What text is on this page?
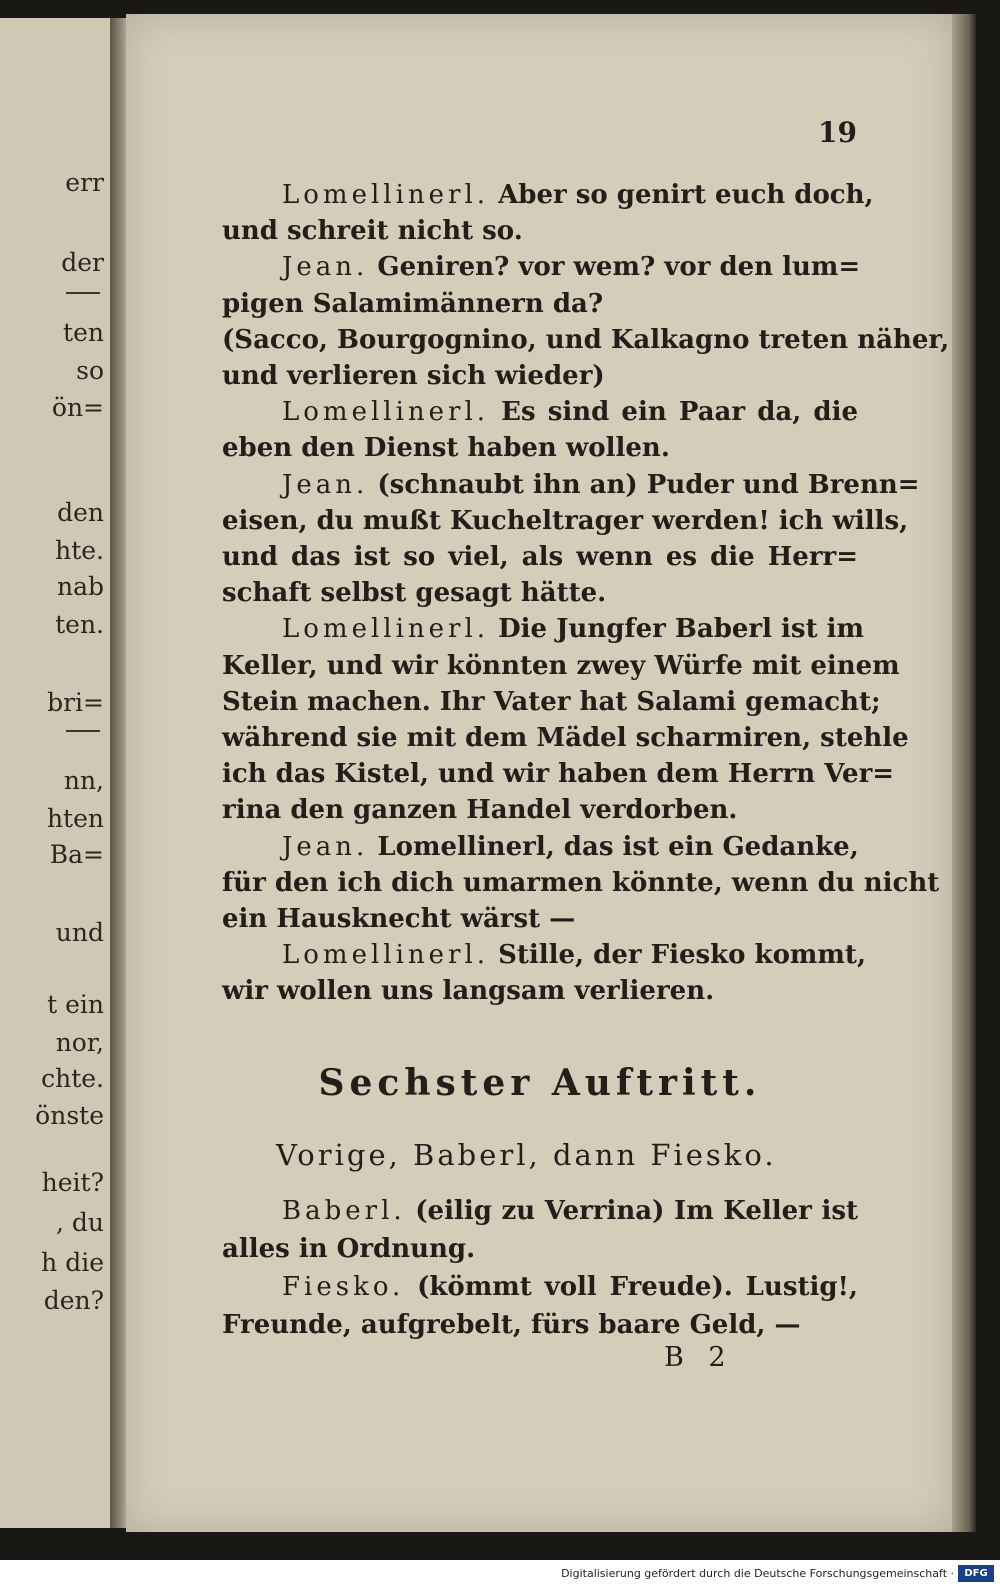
err
der
ten
so
ön=
den
hte.
nab
ten.
bri=
nn,
hten
Ba=
und
t ein
nor,
chte.
önste
heit?
, du
h die
den?
19
Lomellinerl. Aber so genirt euch doch,
und schreit nicht so.
Jean. Geniren? vor wem? vor den lum=
pigen Salamimännern da?
(Sacco, Bourgognino, und Kalkagno treten näher,
und verlieren sich wieder)
Lomellinerl. Es sind ein Paar da, die
eben den Dienst haben wollen.
Jean. (schnaubt ihn an) Puder und Brenn=
eisen, du mußt Kucheltrager werden! ich wills,
und das ist so viel, als wenn es die Herr=
schaft selbst gesagt hätte.
Lomellinerl. Die Jungfer Baberl ist im
Keller, und wir könnten zwey Würfe mit einem
Stein machen. Ihr Vater hat Salami gemacht;
während sie mit dem Mädel scharmiren, stehle
ich das Kistel, und wir haben dem Herrn Ver=
rina den ganzen Handel verdorben.
Jean. Lomellinerl, das ist ein Gedanke,
für den ich dich umarmen könnte, wenn du nicht
ein Hausknecht wärst —
Lomellinerl. Stille, der Fiesko kommt,
wir wollen uns langsam verlieren.
Sechster Auftritt.
Vorige, Baberl, dann Fiesko.
Baberl. (eilig zu Verrina) Im Keller ist
alles in Ordnung.
Fiesko. (kömmt voll Freude). Lustig!,
Freunde, aufgrebelt, fürs baare Geld, —
B 2
Digitalisierung gefördert durch die Deutsche Forschungsgemeinschaft ·	DFG
